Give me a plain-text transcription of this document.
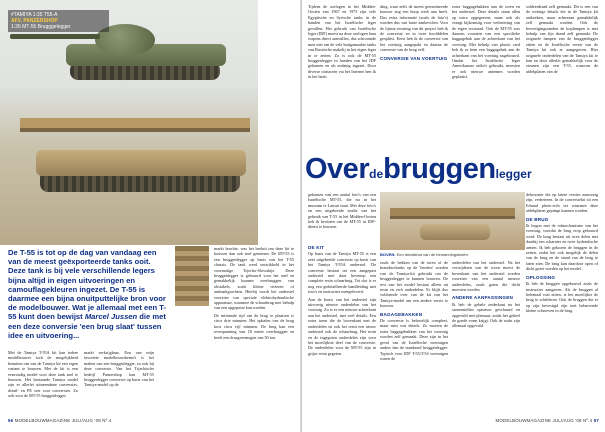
#TAMIYA 1:35 T55-A
AFV, PANZERSHOP
1:35 MT-55 Brugggelegger
De T-55 is tot op de dag van vandaag een van de meest geëxporteerde tanks ooit. Deze tank is bij vele verschillende legers bijna altijd in eigen uitvoeringen en camouflagekleuren ingezet. De T-55 is daarmee een bijna onuitputtelijke bron voor de modelbouwer. Wat je allemaal met een T-55 kunt doen bewijst Marcel Jussen die met een deze conversie 'een brug slaat' tussen idee en uitvoering...

Met de Tamiya T-55A kit kan iedere modelbouwer toch de mogelijkheid benutten om van de Tamiya kit een eigen variant te bouwen. Met de kit is een eenvoudig model voor deze tank snel te bouwen. Het bestaande Tamiya model zijn er allerlei uitneembare conversies, detail- en PE sets voor conversies. Zo ook voor de MT-55 bruggenlegger.

markt verkrijgbaar. Een van mijn favoriete modelbouwthema's is het maken van een bruggenlegger, zo ook bij deze conversie. Van het Tsjechische bedrijf Panzershop kan MT-55 bruggenlegger conversie op basis van het Tamiya-model op de

markt brachte, was het besluit om deze kit te bouwen dan ook snel genomen. De MT-55 is een bruggenlegger op basis van het T-55 chassis. De tank werd ontwikkeld in het voormalige Tsjecho-Slowakije. Deze bruggenlegger is gebouwd voor het snel en gemakkelijk kunnen overbruggen van obstakels, zoals kleine rivieren of antitankgrachten. Hierbij wordt het onderstel voorzien van speciale elektrohydraulische apparatuur, waarmee de schaarbrug met behulp van een opgepaste kan worden.

De minimale tijd om de brug te plaatsen is circa drie minuten. Het ophalen van de brug kost circa vijf minuten. De brug kan een overspanning van 18 meter overbruggen en heeft een draagvermogen van 50 ton.

56 MODELBOUWMAGAZINE JULI/AUG '08 Nº.4

Tijdens de oorlogen in het Midden-Oosten van 1967 en 1973 zijn vele Egyptische en Syrische tanks in de handen van het Israëlische leger gevallen. Het gebruik van Israëlische leger (IDF) moest na deze oorlogen haar wapens direct aanvullen, dus schroomde men niet om de vele buitgemaakte tanks van Russische makelij in het eigen leger in te zetten. Zo is ook de MT-55 bruggenlegger in handen van het IDF gekomen en als zodanig ingezet. Door diverse contacten via het Internet ben ik in het bezit

ding, waar zelfs de meest geroutineerde bouwer nog een hoop werk aan heeft. Dus extra informatie (zoals de foto's) worden dus van harte aanbevolen. Voor de fijnste ervaring van dit project heb ik de conversie en in twee hoofddelen gesplitst. Eerst heb ik de conversie van het voertuig aangepakt en daarna de conversie van de brug zelf.

CONVERSIE VAN VOERTUIG

extra baggagebakken aan de toren en het onderstel. Deze details staan allen op extra opgegraven, maar ook als vraagt bijkomstig voor verbetering van de eigen voorraad. Ook de MT-55 was daarom voorzien van een specifieke baggagebak aan de achterkant van het voertuig. Met behulp van plastic card heb ik er hem een baggagebak aan de achterkant van het voertuig nagebouwd. Omdat het Israëlische leger Amerikaanse radio's gebruikt, moesten er ook nieuwe antennes worden geplaatst.

soldeerdraad zelf gemaakt. Dit is een van de weinige details die in de Tamiya kit ontbreken, maar achteraan gemakkelijk zelf gemaakt worden. Ook de bevestigingsranden de koplampen is met behulp van fijn draad zelf gemaakt. De originele lampen van de bruggenlegger zitten en de Israëlische versie van de Tamiya kit ook er aangegeven. Hier originele onderdelen van de Tamiya kit te kan en door allerlei gemakkelijk voor de steunen zijn een T-55, waarvan de afdekplaten van de

Over de bruggen legger

gekomen van een aantal foto's van een Israëlische MT-55, die nu in het museum te Latrun staat. Met deze foto's en een uitgebreide studie van het gebruik van T-55 in het Midden-Oosten heb ik besloten om de MT-55 in IDF-dienst te bouwen.

DE KIT

Op basis van de Tamiya MT-55 is een zeer uitgebreide conversie op basis van het Tamiya T-55A onderstel. De conversie bestaat uit een aangepast onderstel met daar bovenop een complete resin schaarbrug. Tot slot is er nog een gedetailleerde handleiding met foto's en instructies meegeleverd.

Aan de bouw van het onderstel zijn uitvoerig nieuwe onderdelen van het voertuig. Zo is er een nieuwe achterkant aan het onderstel, met veel details. Een extra toren die de bovenkant met de onderdelen en ook het resin een nieuw onderstel ook de schaarbrug. Het resin en de ingegoten onderdelen zijn voor het moeilijkste deel van de conversie. De onderdelen voor de MT-55 zijn in grijze resin gegoten.

BOVEN: Een detailshot van de bemanningsleden.

zoals de hekken van de toren of de brandstoftanks op de 'fenders' worden van de Tamiya-kit gebruikt om de bruggenlegger te kunnen bouwen. De rest van het model bestaat alleen uit resin en etch onderdelen. Er blijft dus voldoende over van de kit van het Tamiya-model om een andere versie te bouwen.

BAGAGEBAKKEN

De conversie is behoorlijk compleet, maar mist wat details. Zo moeten de extra baggagebakken van het voertuig worden zelf gemaakt. Deze zijn in het geval van de Israëlische voertuigen anders dan de standaard bruggenlegger. Typisch voor IDF T-55/T-54 voertuigen waren de

onderdelen van het onderstel. Na het verwijderen van de toren moest de bovenkant van het onderstel worden voorzien van een aantal nieuwe onderdelen, zoals gaten die dicht moesten worden.

ANDERE AANPASSINGEN

Ik heb de gehele onderkant na het samenstellen opnieuw geschuurd en opgevuld met plamuur, zodat het geheel de goede vorm krijgt. Ook de stuks zijn allemaal opgevuld.

dekrooster die op latere versies aanwezig zijn, verbeteren. In de conversiekit zit een Eduard photo-etch set waarmee deze afdekplaten gepimpt kunnen worden.

DE BRUG

Ik begon met de rolmechanisme van het voertuig, voordat de brug erop gebouwd werd. De brug bestaat uit twee delen met daarbij een scharnier en twee hydraulische armen. Ik heb gekozen de bruggen in de zetten, zodat het ook mogelijk de delen van de brug en de stand van de brug te laten zien. De brug kan daardoor open of dicht gezet worden op het model.

OPLOSSING

Ik heb de bruggen opgebouwd zoals de instructies aangaven. Als de bruggen al helemaal vast zitten, is het moeilijker de brug te schilderen. Ook de bruggen die er op zijn bevestigd zijn met beharrende kleine schroeven in de brug.

MODELBOUWMAGAZINE JULI/AUG '08 Nº.4 57
